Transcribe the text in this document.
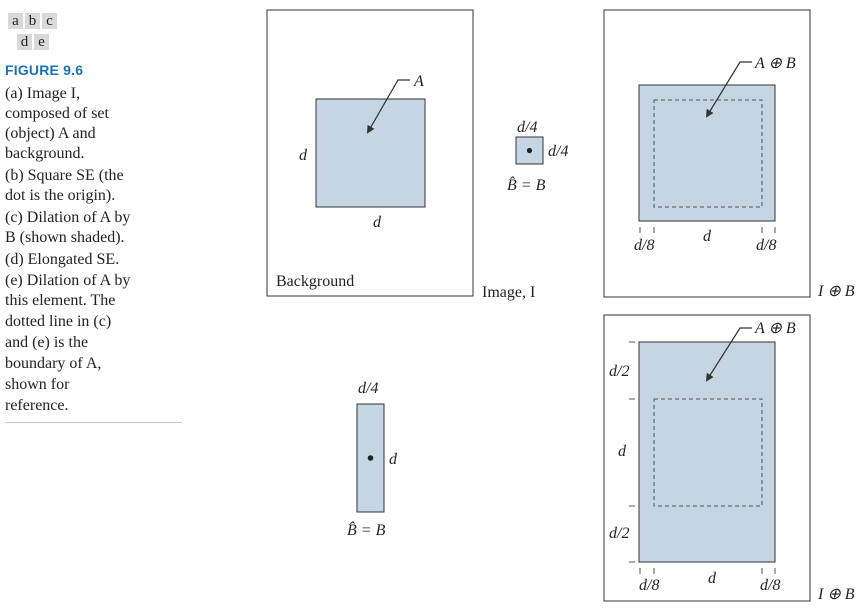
a b c
d e
FIGURE 9.6
(a) Image I,
composed of set
(object) A and
background.
(b) Square SE (the
dot is the origin).
(c) Dilation of A by
B (shown shaded).
(d) Elongated SE.
(e) Dilation of A by
this element. The
dotted line in (c)
and (e) is the
boundary of A,
shown for
reference.
A
d
d
Background
Image, I
d/4
d/4
B̂ = B
A ⊕ B
d/8
d
d/8
I ⊕ B
d/4
d
B̂ = B
A ⊕ B
d/2
d
d/2
d/8	d	d/8
I ⊕ B
